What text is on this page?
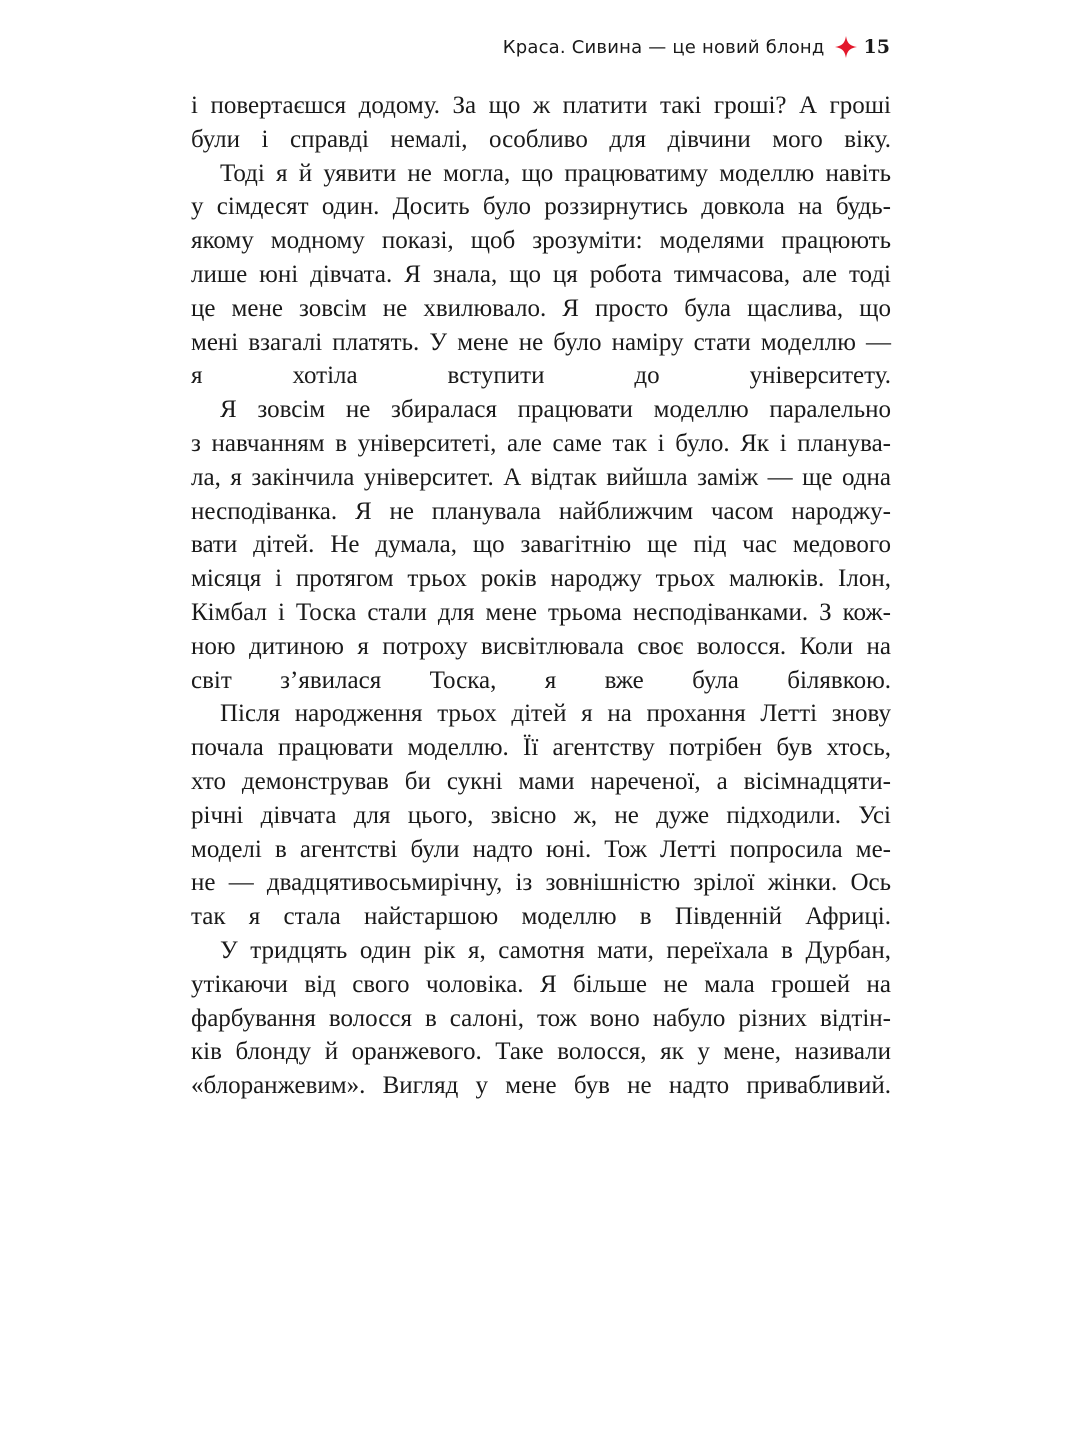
Краса. Сивина — це новий блонд 15

і повертаєшся додому. За що ж платити такі гроші? А гроші
були і справді немалі, особливо для дівчини мого віку.

Тоді я й уявити не могла, що працюватиму моделлю навіть
у сімдесят один. Досить було роззирнутись довкола на будь-
якому модному показі, щоб зрозуміти: моделями працюють
лише юні дівчата. Я знала, що ця робота тимчасова, але тоді
це мене зовсім не хвилювало. Я просто була щаслива, що
мені взагалі платять. У мене не було наміру стати моделлю —
я хотіла вступити до університету.

Я зовсім не збиралася працювати моделлю паралельно
з навчанням в університеті, але саме так і було. Як і планува-
ла, я закінчила університет. А відтак вийшла заміж — ще одна
несподіванка. Я не планувала найближчим часом народжу-
вати дітей. Не думала, що завагітнію ще під час медового
місяця і протягом трьох років народжу трьох малюків. Ілон,
Кімбал і Тоска стали для мене трьома несподіванками. З кож-
ною дитиною я потроху висвітлювала своє волосся. Коли на
світ з’явилася Тоска, я вже була білявкою.

Після народження трьох дітей я на прохання Летті знову
почала працювати моделлю. Її агентству потрібен був хтось,
хто демонстрував би сукні мами нареченої, а вісімнадцяти-
річні дівчата для цього, звісно ж, не дуже підходили. Усі
моделі в агентстві були надто юні. Тож Летті попросила ме-
не — двадцятивосьмирічну, із зовнішністю зрілої жінки. Ось
так я стала найстаршою моделлю в Південній Африці.

У тридцять один рік я, самотня мати, переїхала в Дурбан,
утікаючи від свого чоловіка. Я більше не мала грошей на
фарбування волосся в салоні, тож воно набуло різних відтін-
ків блонду й оранжевого. Таке волосся, як у мене, називали
«блоранжевим». Вигляд у мене був не надто привабливий.
